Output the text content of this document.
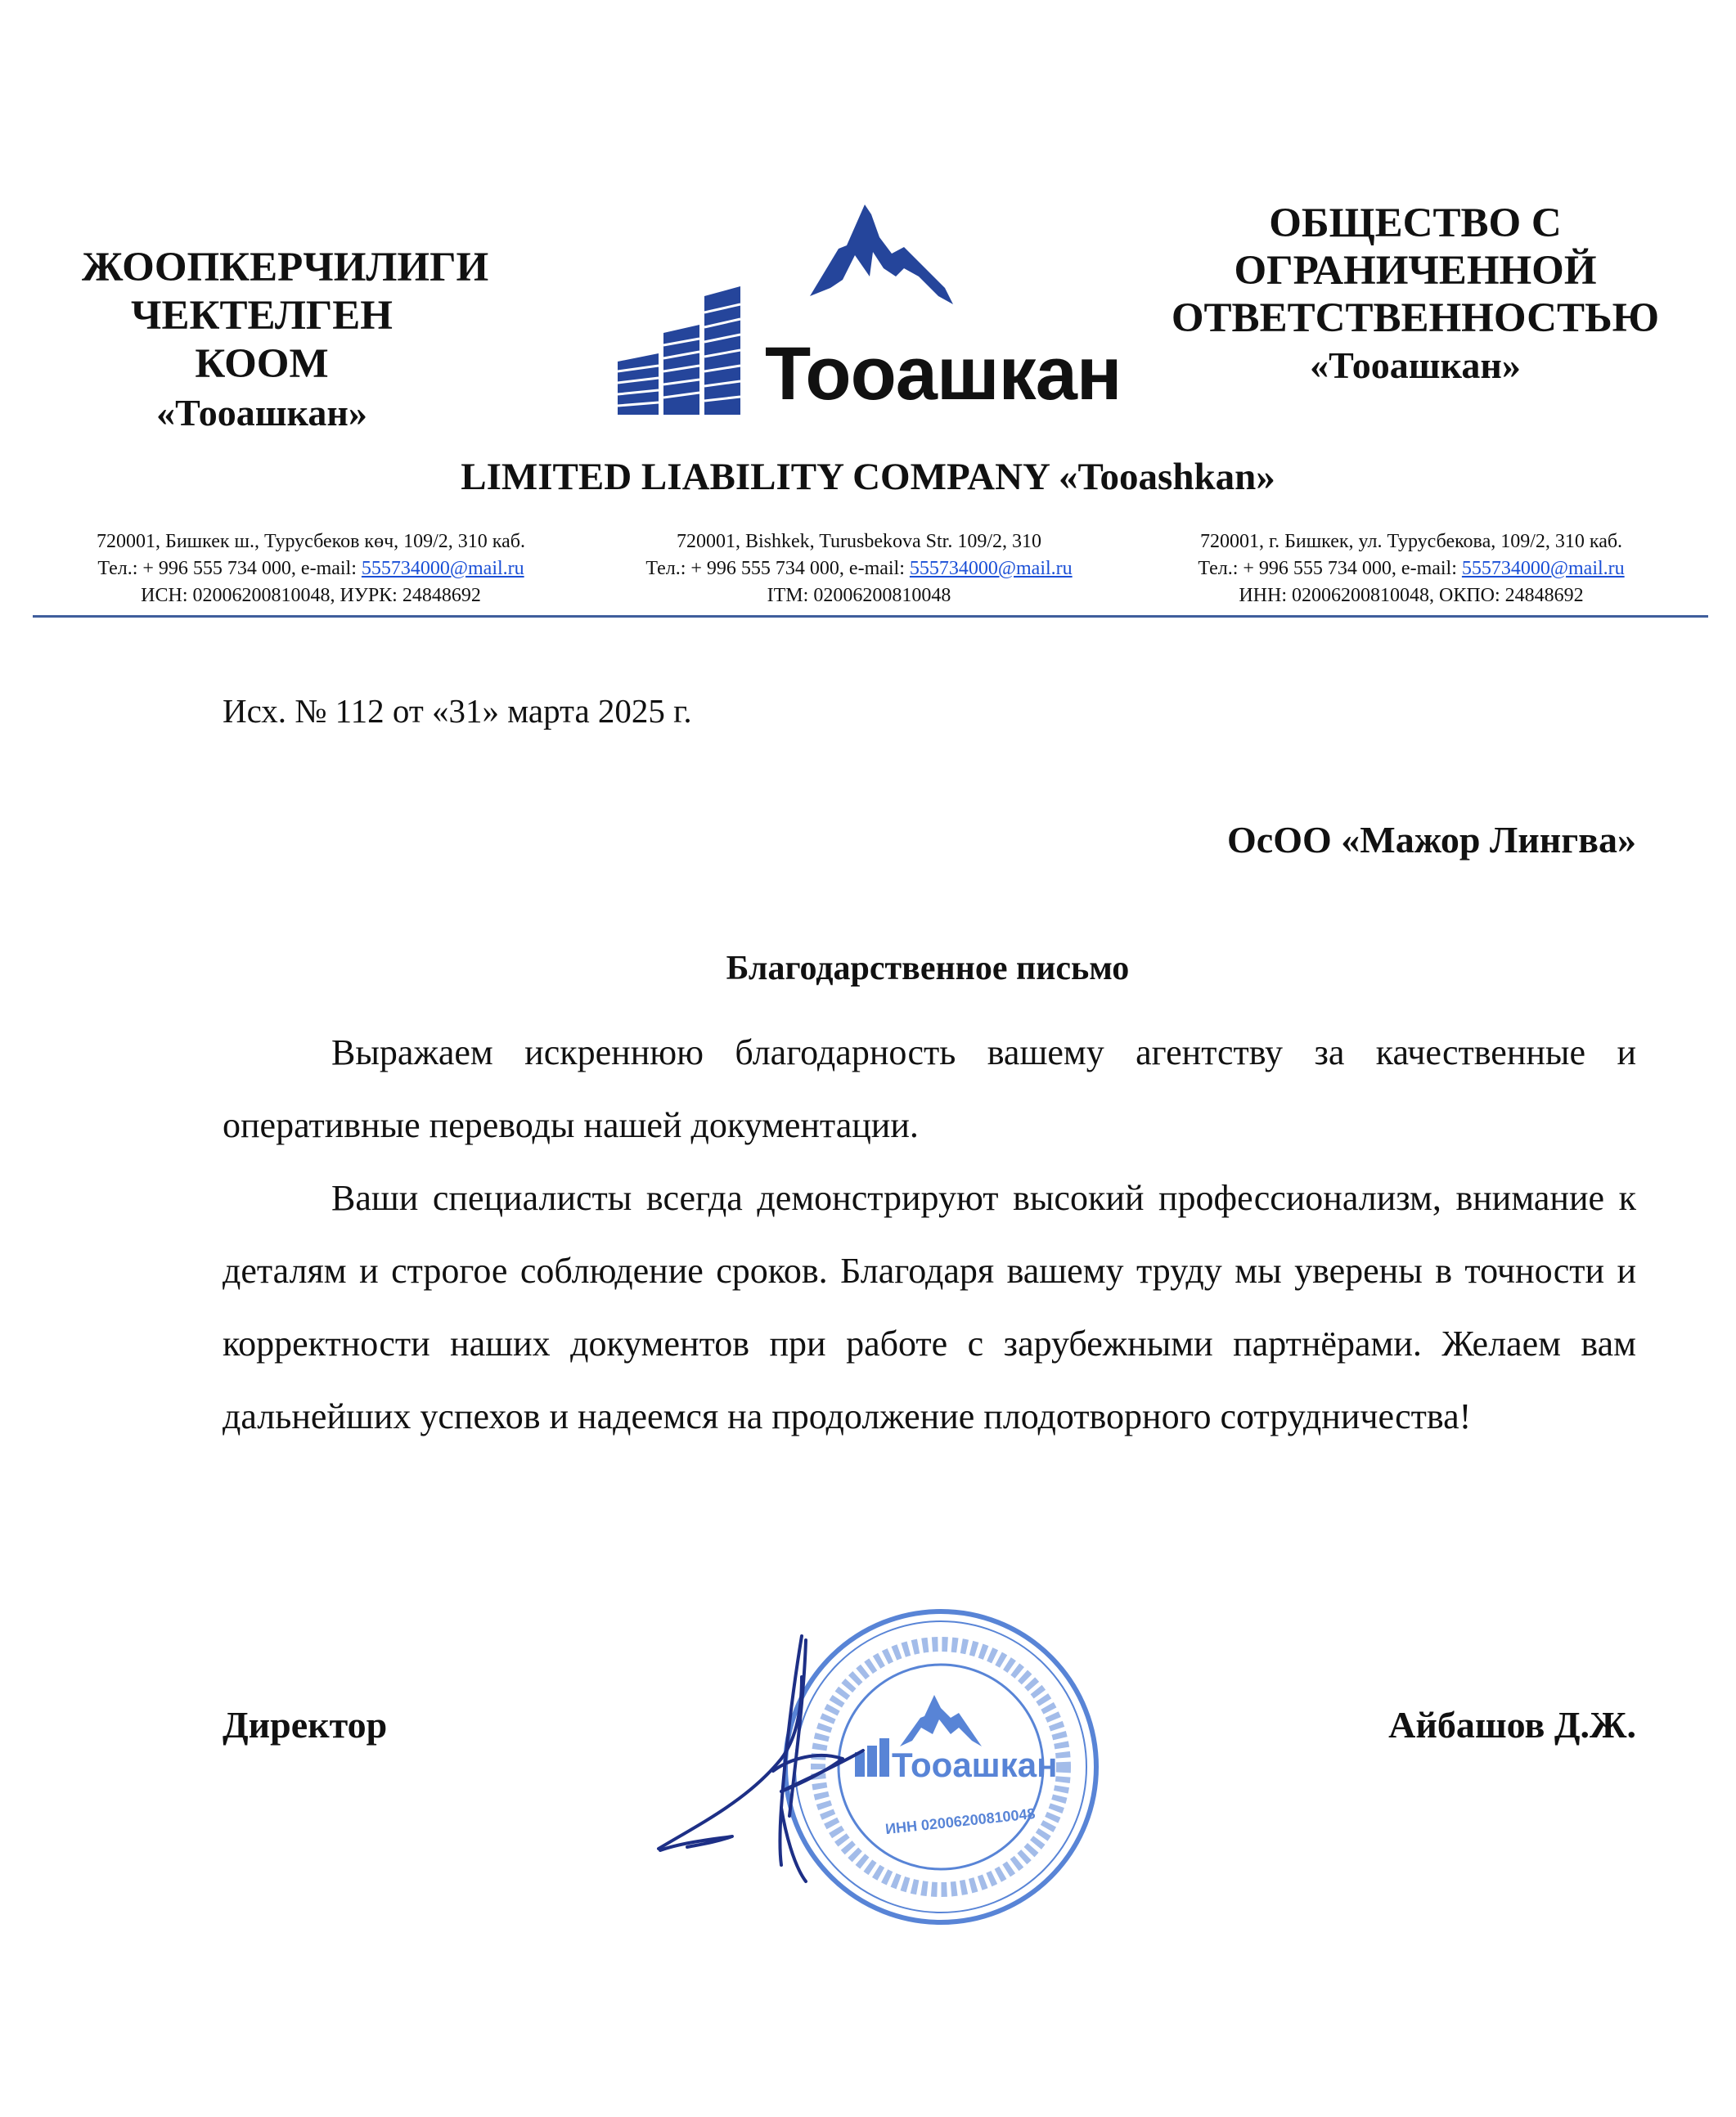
ЖООПКЕРЧИЛИГИ
ЧЕКТЕЛГЕН КООМ
«Тооашкан»	Тооашкан
ОБЩЕСТВО С
ОГРАНИЧЕННОЙ
ОТВЕТСТВЕННОСТЬЮ
«Тооашкан»
LIMITED LIABILITY COMPANY «Tooashkan»
720001, Бишкек ш., Турусбеков көч, 109/2, 310 каб.
Тел.: + 996 555 734 000, e-mail: 555734000@mail.ru
ИСН: 02006200810048, ИУРК: 24848692
720001, Bishkek, Turusbekova Str. 109/2, 310
Тел.: + 996 555 734 000, e-mail: 555734000@mail.ru
ITM: 02006200810048
720001, г. Бишкек, ул. Турусбекова, 109/2, 310 каб.
Тел.: + 996 555 734 000, e-mail: 555734000@mail.ru
ИНН: 02006200810048, ОКПО: 24848692
Исх. № 112 от «31» марта 2025 г.
ОсОО «Мажор Лингва»
Благодарственное письмо

Выражаем искреннюю благодарность вашему агентству за качественные и оперативные переводы нашей документации.

Ваши специалисты всегда демонстрируют высокий профессионализм, внимание к деталям и строгое соблюдение сроков. Благодаря вашему труду мы уверены в точности и корректности наших документов при работе с зарубежными партнёрами. Желаем вам дальнейших успехов и надеемся на продолжение плодотворного сотрудничества!

Тооашкан
ИНН 02006200810048
Директор	Айбашов Д.Ж.
